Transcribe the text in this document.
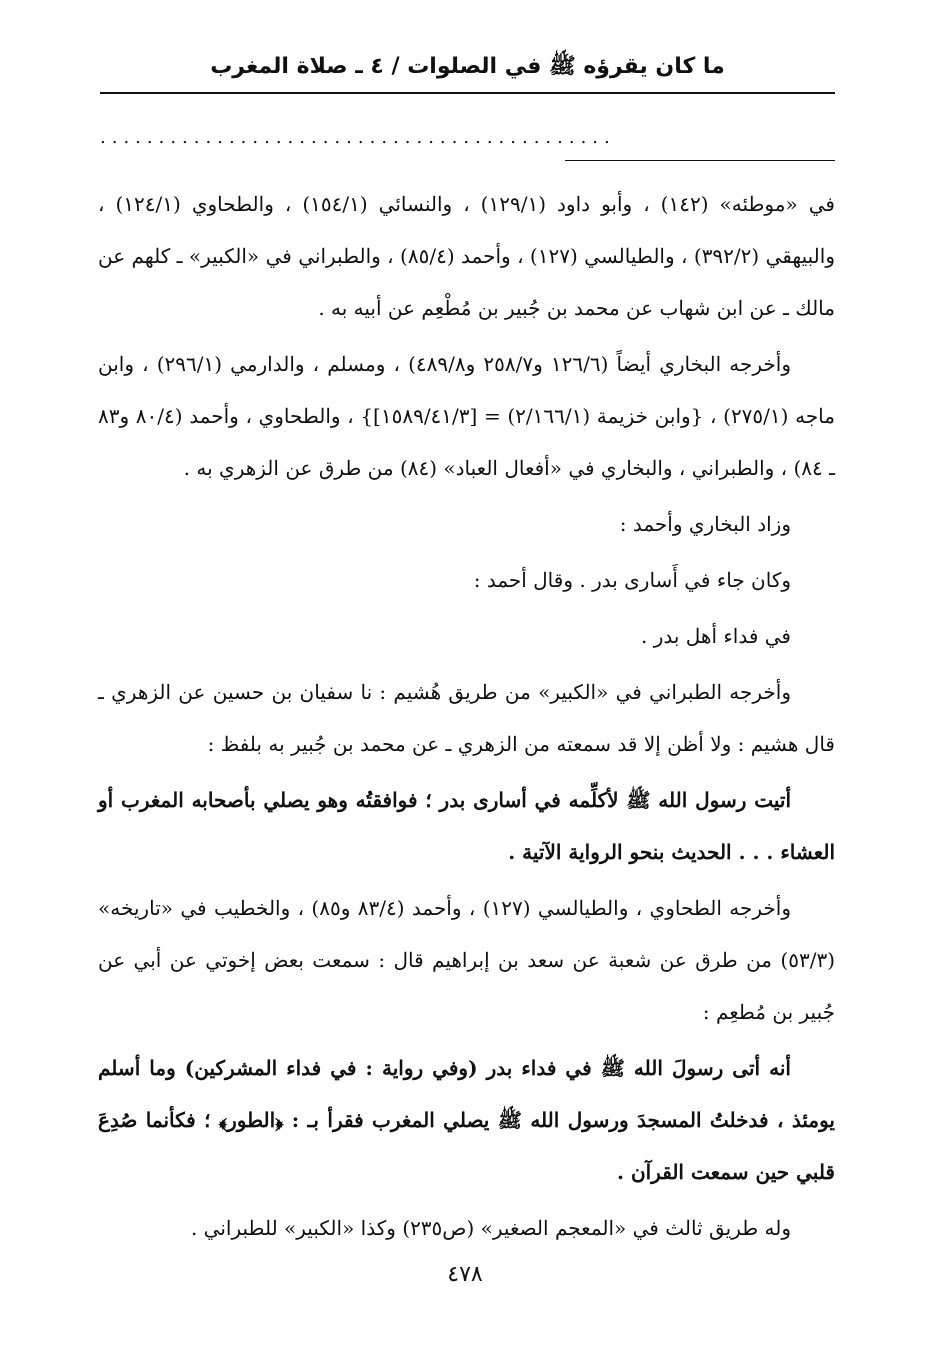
ما كان يقرؤه ﷺ في الصلوات / ٤ ـ صلاة المغرب
............................................

في «موطئه» (١٤٢) ، وأبو داود (١٢٩/١) ، والنسائي (١٥٤/١) ، والطحاوي (١٢٤/١) ، والبيهقي (٣٩٢/٢) ، والطيالسي (١٢٧) ، وأحمد (٨٥/٤) ، والطبراني في «الكبير» ـ كلهم عن مالك ـ عن ابن شهاب عن محمد بن جُبير بن مُطْعِم عن أبيه به .

وأخرجه البخاري أيضاً (١٢٦/٦ و٢٥٨/٧ و٤٨٩/٨) ، ومسلم ، والدارمي (٢٩٦/١) ، وابن ماجه (٢٧٥/١) ، {وابن خزيمة (٢/١٦٦/١) = [١٥٨٩/٤١/٣]} ، والطحاوي ، وأحمد (٨٠/٤ و٨٣ ـ ٨٤) ، والطبراني ، والبخاري في «أفعال العباد» (٨٤) من طرق عن الزهري به .

وزاد البخاري وأحمد :

وكان جاء في أَسارى بدر . وقال أحمد :

في فداء أهل بدر .

وأخرجه الطبراني في «الكبير» من طريق هُشيم : نا سفيان بن حسين عن الزهري ـ قال هشيم : ولا أظن إلا قد سمعته من الزهري ـ عن محمد بن جُبير به بلفظ :

أتيت رسول الله ﷺ لأكلِّمه في أسارى بدر ؛ فوافقتُه وهو يصلي بأصحابه المغرب أو العشاء . . . الحديث بنحو الرواية الآتية .

وأخرجه الطحاوي ، والطيالسي (١٢٧) ، وأحمد (٨٣/٤ و٨٥) ، والخطيب في «تاريخه» (٥٣/٣) من طرق عن شعبة عن سعد بن إبراهيم قال : سمعت بعض إخوتي عن أبي عن جُبير بن مُطعِم :

أنه أتى رسولَ الله ﷺ في فداء بدر (وفي رواية : في فداء المشركين) وما أسلم يومئذ ، فدخلتُ المسجدَ ورسول الله ﷺ يصلي المغرب فقرأ بـ : ﴿الطور﴾ ؛ فكأنما صُدِعَ قلبي حين سمعت القرآن .

وله طريق ثالث في «المعجم الصغير» (ص٢٣٥) وكذا «الكبير» للطبراني .

٤٧٨
